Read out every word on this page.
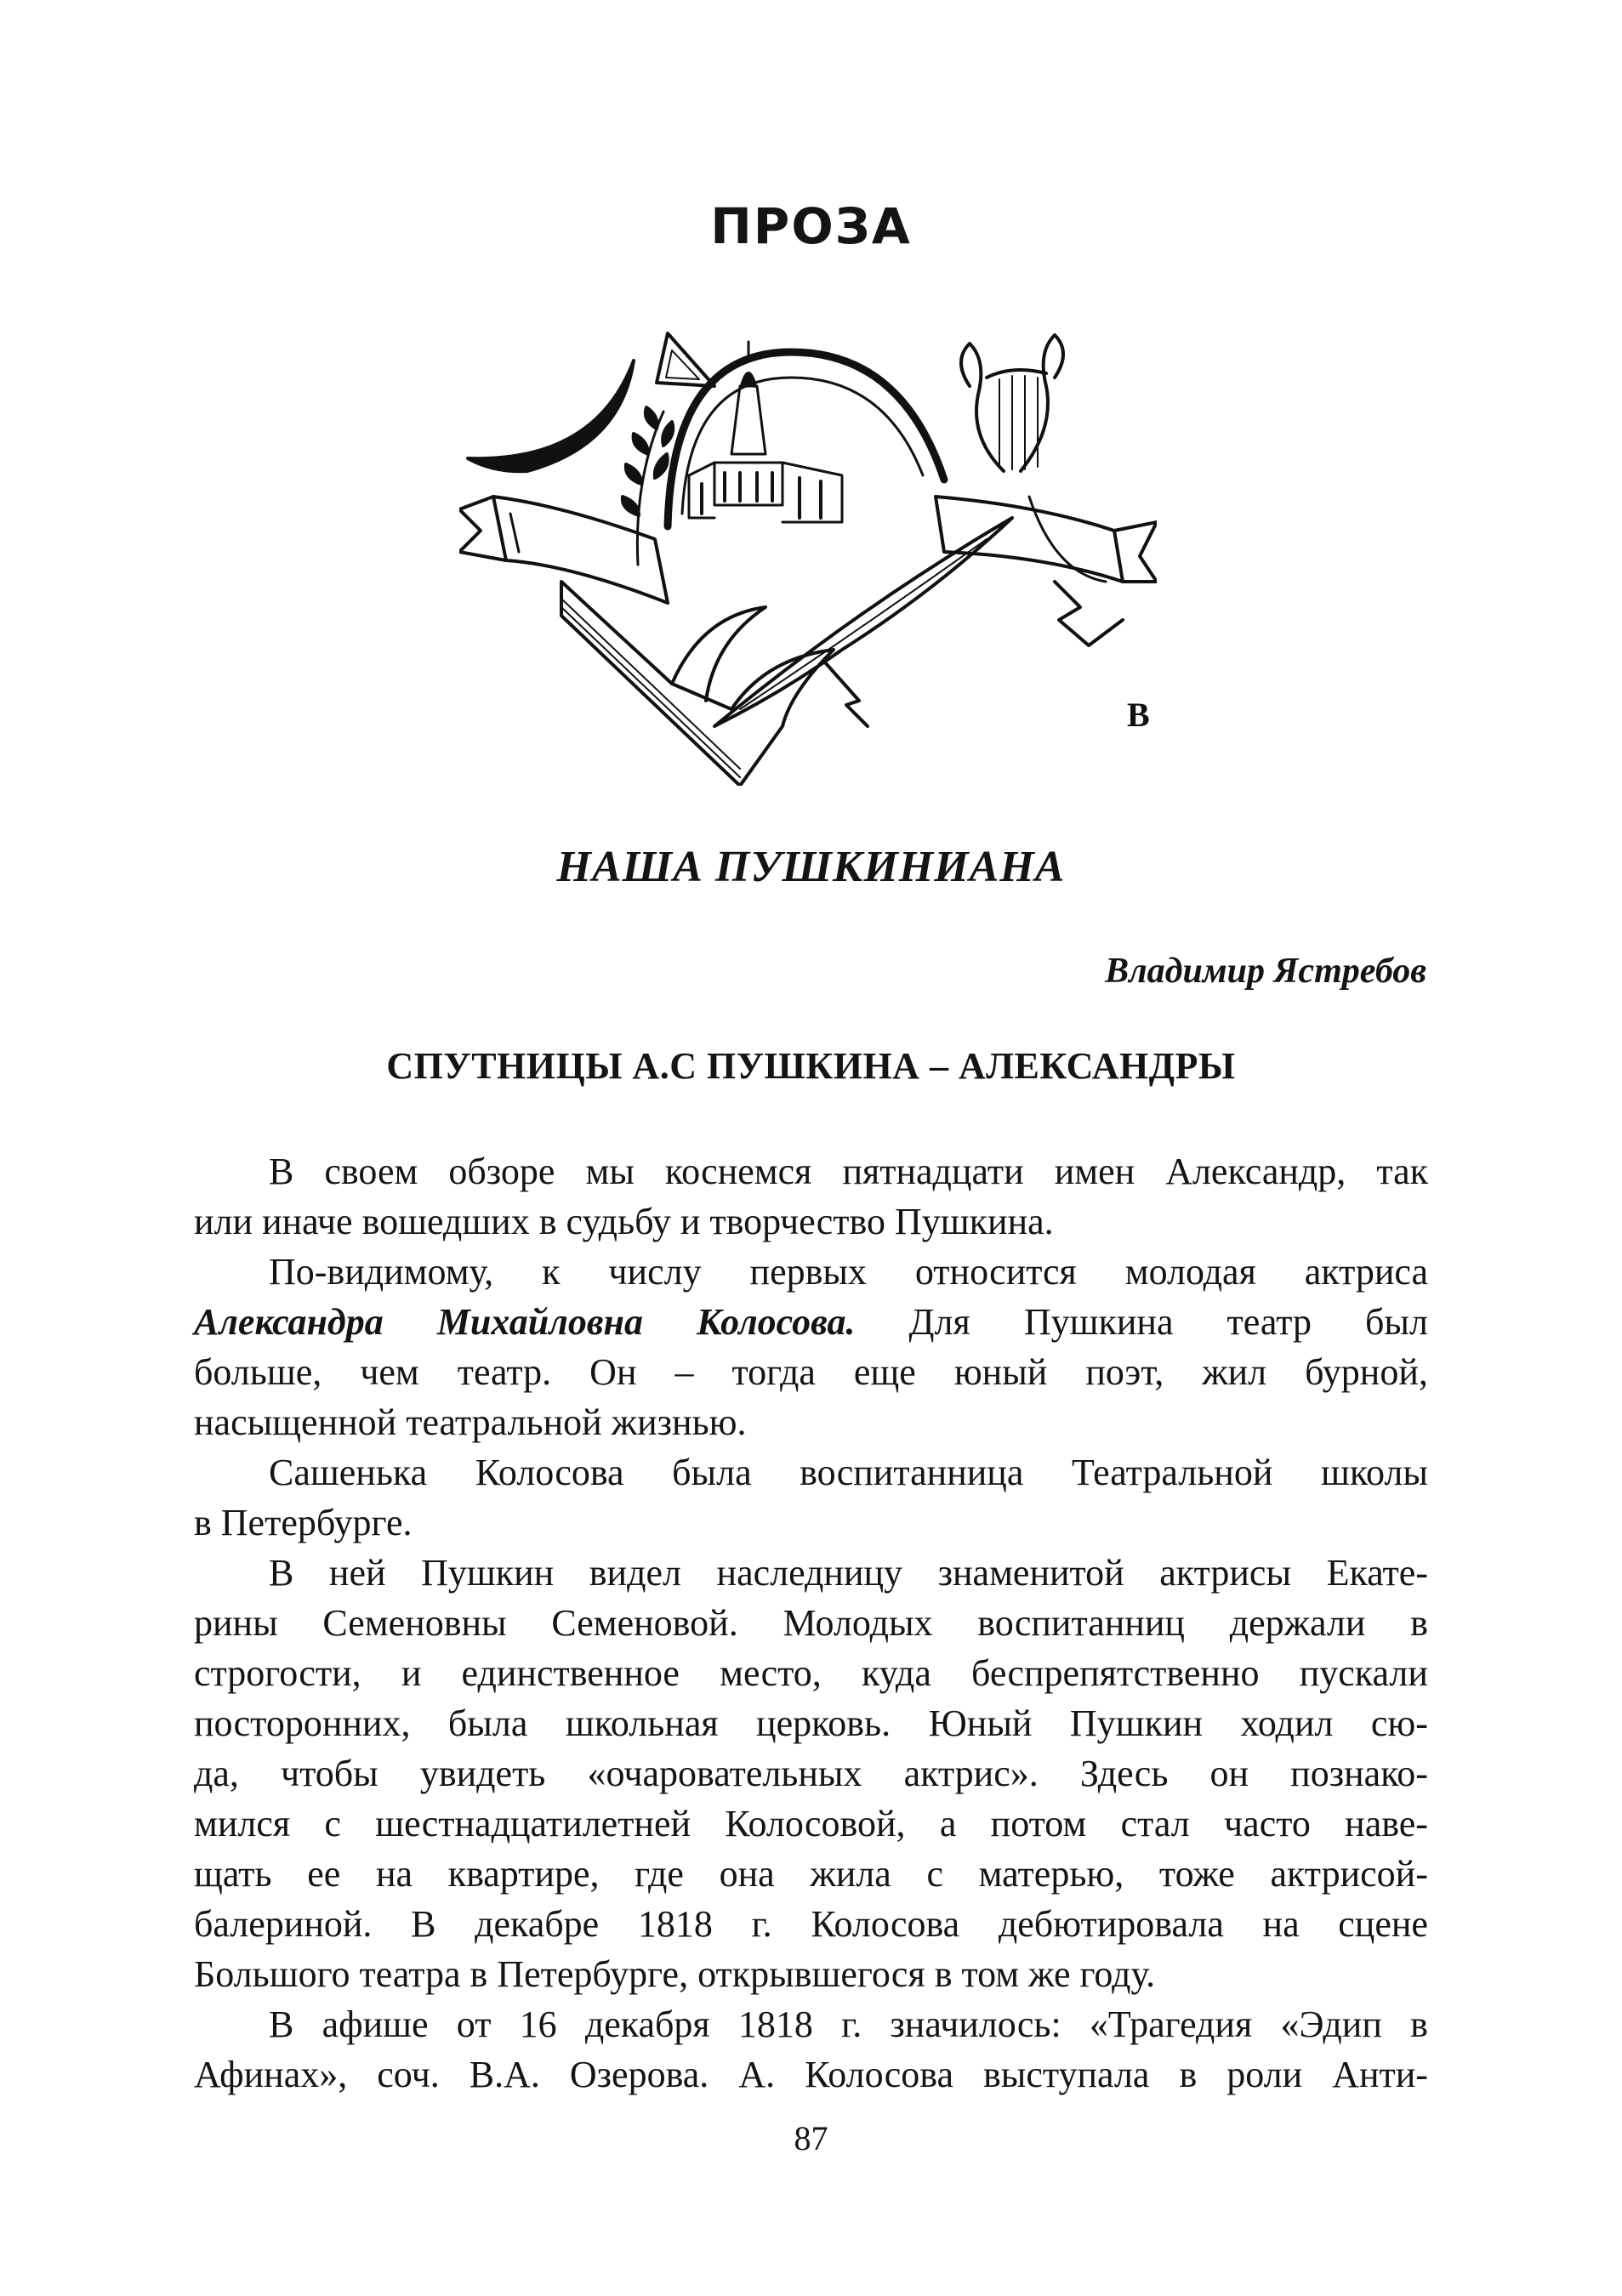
ПРОЗА
В
НАША ПУШКИНИАНА

Владимир Ястребов

СПУТНИЦЫ А.С ПУШКИНА – АЛЕКСАНДРЫ
В своем обзоре мы коснемся пятнадцати имен Александр, так
или иначе вошедших в судьбу и творчество Пушкина.
По-видимому, к числу первых относится молодая актриса
Александра Михайловна Колосова. Для Пушкина театр был
больше, чем театр. Он – тогда еще юный поэт, жил бурной,
насыщенной театральной жизнью.
Сашенька Колосова была воспитанница Театральной школы
в Петербурге.
В ней Пушкин видел наследницу знаменитой актрисы Екате-
рины Семеновны Семеновой. Молодых воспитанниц держали в
строгости, и единственное место, куда беспрепятственно пускали
посторонних, была школьная церковь. Юный Пушкин ходил сю-
да, чтобы увидеть «очаровательных актрис». Здесь он познако-
мился с шестнадцатилетней Колосовой, а потом стал часто наве-
щать ее на квартире, где она жила с матерью, тоже актрисой-
балериной. В декабре 1818 г. Колосова дебютировала на сцене
Большого театра в Петербурге, открывшегося в том же году.
В афише от 16 декабря 1818 г. значилось: «Трагедия «Эдип в
Афинах», соч. В.А. Озерова. А. Колосова выступала в роли Анти-

87
